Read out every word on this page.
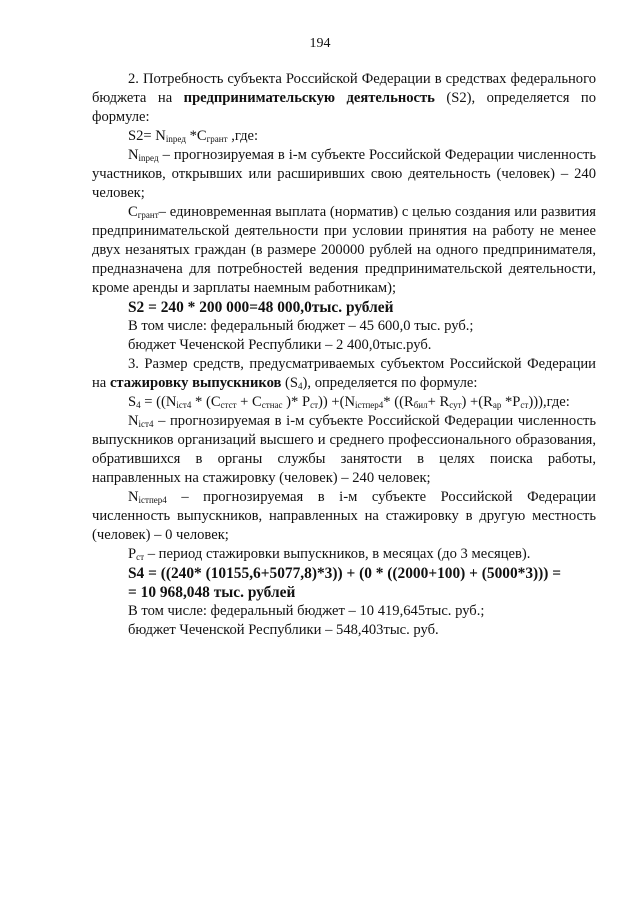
194

2. Потребность субъекта Российской Федерации в средствах федерального бюджета на предпринимательскую деятельность (S2), определяется по формуле:

$S2= N_{inpeд}$ $*C_{грант}$ ,где:

$N_{inpeд}$ – прогнозируемая в i-м субъекте Российской Федерации численность участников, открывших или расширивших свою деятельность (человек) – 240 человек;

$C_{грант}-$ единовременная выплата (норматив) с целью создания или развития предпринимательской деятельности при условии принятия на работу не менее двух незанятых граждан (в размере 200000 рублей на одного предпринимателя, предназначена для потребностей ведения предпринимательской деятельности, кроме аренды и зарплаты наемным работникам);

S2 = 240 * 200 000=48 000,0тыс. рублей

В том числе: федеральный бюджет – 45 600,0 тыс. руб.;

бюджет Чеченской Республики – 2 400,0тыс.руб.

3. Размер средств, предусматриваемых субъектом Российской Федерации на стажировку выпускников $(S_4)$, определяется по формуле:

$S_4 = ((N_{iст4} * (C_{стст} + C_{стнас}$ )* $P_{ст})) +(N_{iстпер4}*$ ($(R_{бил}+ R_{сут}) +(R_{ар}$ $*P_{ст}))),где$:

$N_{iст4}$ – прогнозируемая в i-м субъекте Российской Федерации численность выпускников организаций высшего и среднего профессионального образования, обратившихся в органы службы занятости в целях поиска работы, направленных на стажировку (человек) – 240 человек;

$N_{iстпер4}$ – прогнозируемая в i-м субъекте Российской Федерации численность выпускников, направленных на стажировку в другую местность (человек) – 0 человек;

$P_{ст}$ – период стажировки выпускников, в месяцах (до 3 месяцев).

S4 = ((240* (10155,6+5077,8)*3)) + (0 * ((2000+100) + (5000*3))) =

= 10 968,048 тыс. рублей

В том числе: федеральный бюджет – 10 419,645тыс. руб.;

бюджет Чеченской Республики – 548,403тыс. руб.
